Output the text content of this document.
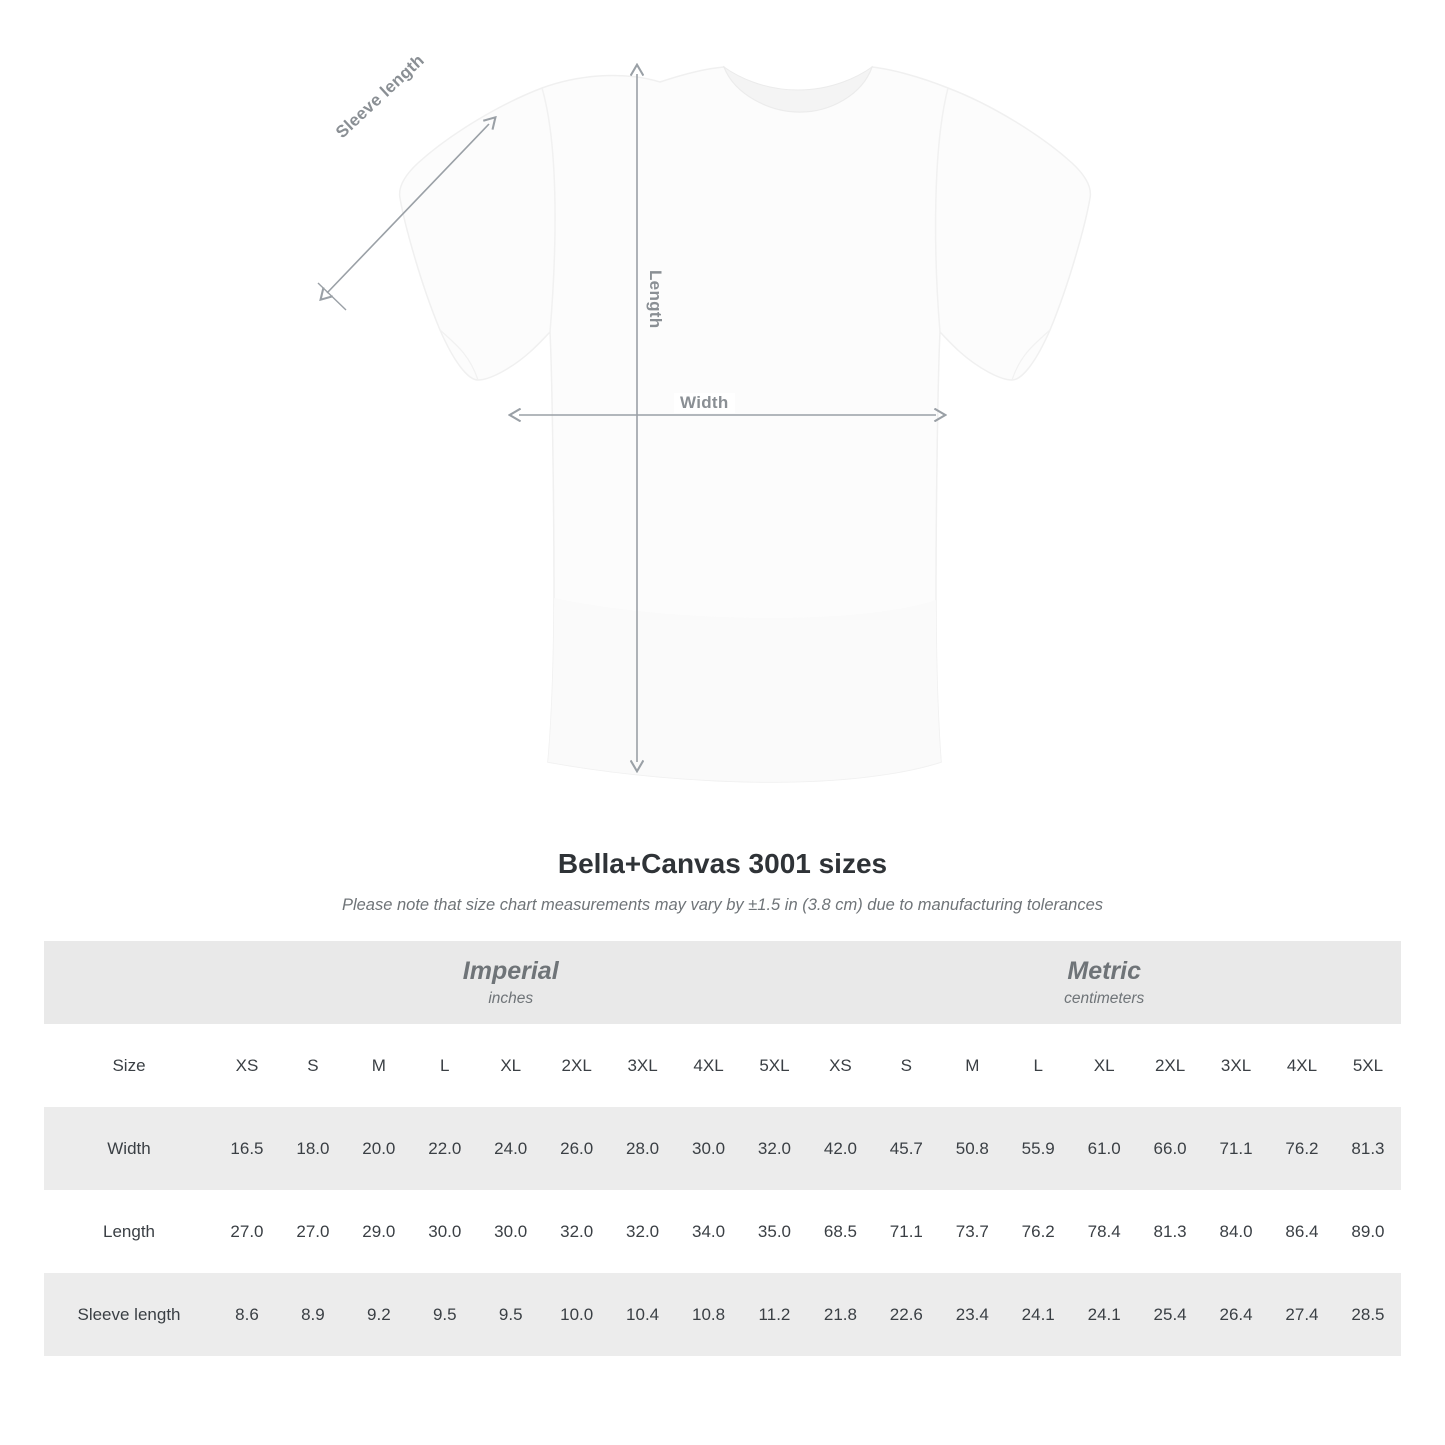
Sleeve length
Length
Width
Bella+Canvas 3001 sizes
Please note that size chart measurements may vary by ±1.5 in (3.8 cm) due to manufacturing tolerances

	Imperial
inches									Metric
centimeters								

Size	XS	S	M	L	XL	2XL	3XL	4XL	5XL	XS	S	M	L	XL	2XL	3XL	4XL	5XL
Width	16.5	18.0	20.0	22.0	24.0	26.0	28.0	30.0	32.0	42.0	45.7	50.8	55.9	61.0	66.0	71.1	76.2	81.3
Length	27.0	27.0	29.0	30.0	30.0	32.0	32.0	34.0	35.0	68.5	71.1	73.7	76.2	78.4	81.3	84.0	86.4	89.0
Sleeve length	8.6	8.9	9.2	9.5	9.5	10.0	10.4	10.8	11.2	21.8	22.6	23.4	24.1	24.1	25.4	26.4	27.4	28.5
